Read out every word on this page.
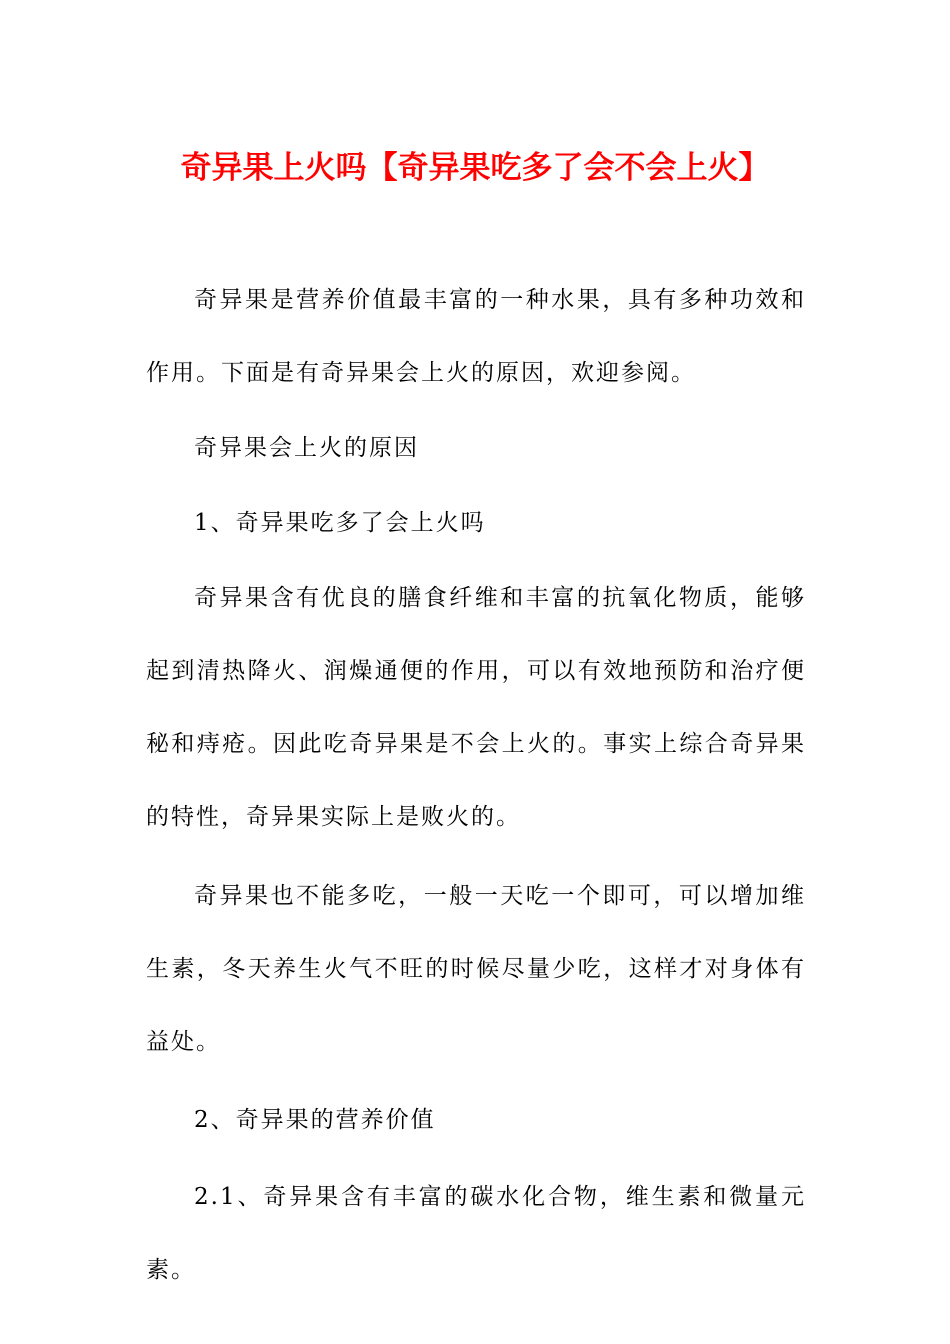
奇异果上火吗【奇异果吃多了会不会上火】

奇异果是营养价值最丰富的一种水果，具有多种功效和作用。下面是有奇异果会上火的原因，欢迎参阅。

奇异果会上火的原因

1、奇异果吃多了会上火吗

奇异果含有优良的膳食纤维和丰富的抗氧化物质，能够起到清热降火、润燥通便的作用，可以有效地预防和治疗便秘和痔疮。因此吃奇异果是不会上火的。事实上综合奇异果的特性，奇异果实际上是败火的。

奇异果也不能多吃，一般一天吃一个即可，可以增加维生素，冬天养生火气不旺的时候尽量少吃，这样才对身体有益处。

2、奇异果的营养价值

2.1、奇异果含有丰富的碳水化合物，维生素和微量元素。
